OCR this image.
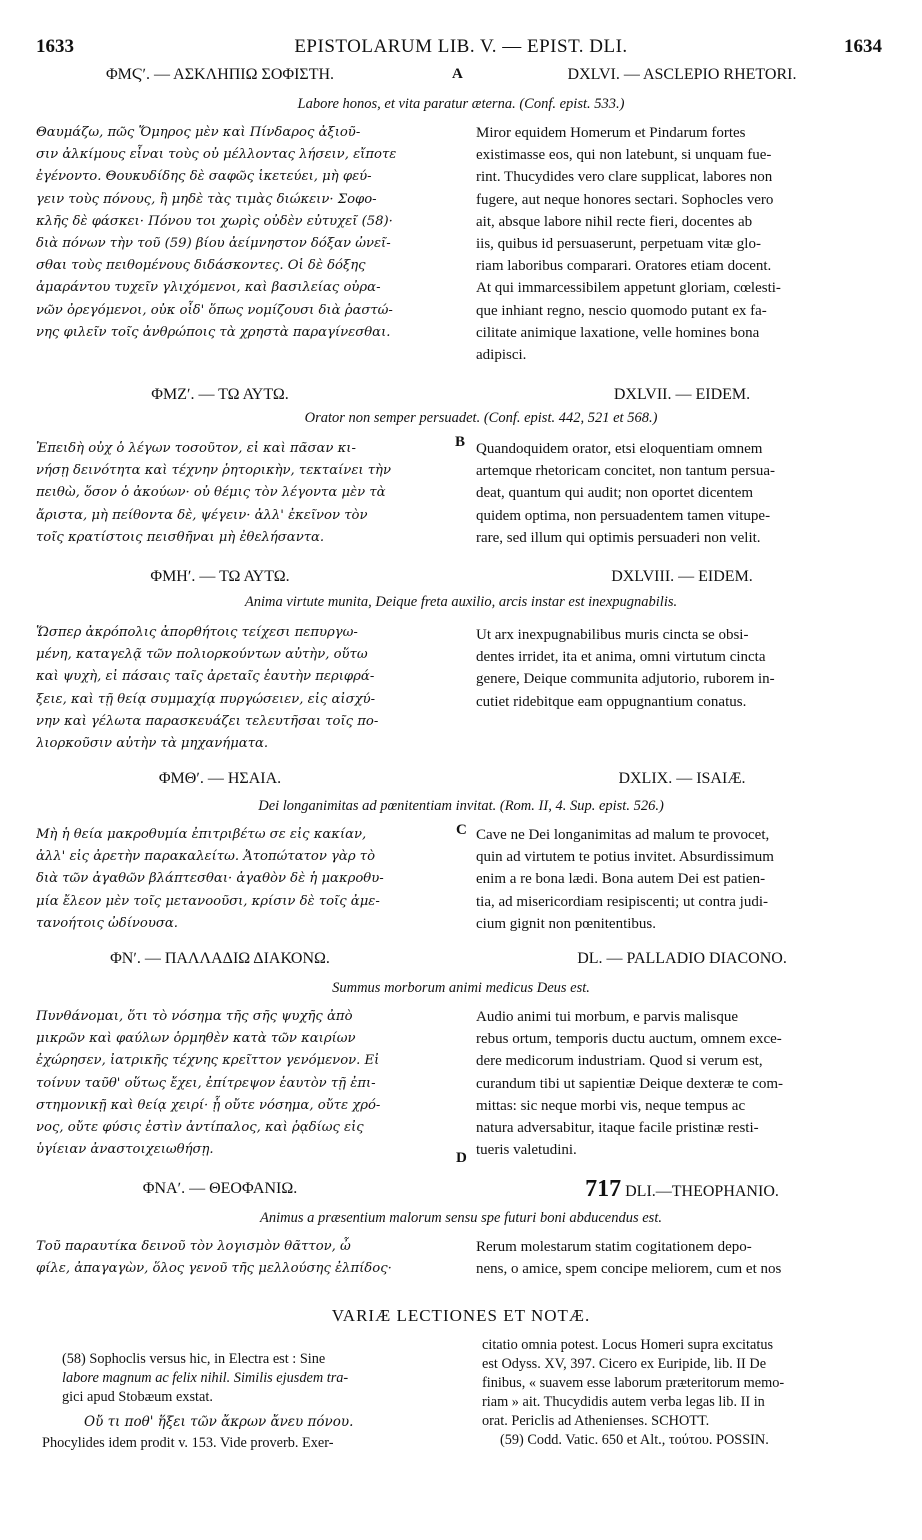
1633	EPISTOLARUM LIB. V. — EPIST. DLI.	1634
ΦΜϚʹ. — ΑΣΚΛΗΠΙΩ ΣΟΦΙΣΤΗ.	A	DXLVI. — ASCLEPIO RHETORI.
Labore honos, et vita paratur æterna. (Conf. epist. 533.)
Θαυμάζω, πῶς Ὅμηρος μὲν καὶ Πίνδαρος ἀξιοῦ-
σιν ἀλκίμους εἶναι τοὺς οὐ μέλλοντας λήσειν, εἴποτε
ἐγένοντο. Θουκυδίδης δὲ σαφῶς ἱκετεύει, μὴ φεύ-
γειν τοὺς πόνους, ἢ μηδὲ τὰς τιμὰς διώκειν· Σοφο-
κλῆς δὲ φάσκει· Πόνου τοι χωρὶς οὐδὲν εὐτυχεῖ (58)·
διὰ πόνων τὴν τοῦ (59) βίου ἀείμνηστον δόξαν ὠνεῖ-
σθαι τοὺς πειθομένους διδάσκοντες. Οἱ δὲ δόξης
ἀμαράντου τυχεῖν γλιχόμενοι, καὶ βασιλείας οὐρα-
νῶν ὀρεγόμενοι, οὐκ οἶδ' ὅπως νομίζουσι διὰ ῥαστώ-
νης φιλεῖν τοῖς ἀνθρώποις τὰ χρηστὰ παραγίνεσθαι.
Miror equidem Homerum et Pindarum fortes
existimasse eos, qui non latebunt, si unquam fue-
rint. Thucydides vero clare supplicat, labores non
fugere, aut neque honores sectari. Sophocles vero
ait, absque labore nihil recte fieri, docentes ab
iis, quibus id persuaserunt, perpetuam vitæ glo-
riam laboribus comparari. Oratores etiam docent.
At qui immarcessibilem appetunt gloriam, cœlesti-
que inhiant regno, nescio quomodo putant ex fa-
cilitate animique laxatione, velle homines bona
adipisci.
ΦΜΖʹ. — ΤΩ ΑΥΤΩ.	DXLVII. — EIDEM.
Orator non semper persuadet. (Conf. epist. 442, 521 et 568.)
B
Ἐπειδὴ οὐχ ὁ λέγων τοσοῦτον, εἰ καὶ πᾶσαν κι-
νήσῃ δεινότητα καὶ τέχνην ῥητορικὴν, τεκταίνει τὴν
πειθὼ, ὅσον ὁ ἀκούων· οὐ θέμις τὸν λέγοντα μὲν τὰ
ἄριστα, μὴ πείθοντα δὲ, ψέγειν· ἀλλ' ἐκεῖνον τὸν
τοῖς κρατίστοις πεισθῆναι μὴ ἐθελήσαντα.
Quandoquidem orator, etsi eloquentiam omnem
artemque rhetoricam concitet, non tantum persua-
deat, quantum qui audit; non oportet dicentem
quidem optima, non persuadentem tamen vitupe-
rare, sed illum qui optimis persuaderi non velit.
ΦΜΗʹ. — ΤΩ ΑΥΤΩ.	DXLVIII. — EIDEM.
Anima virtute munita, Deique freta auxilio, arcis instar est inexpugnabilis.
Ὥσπερ ἀκρόπολις ἀπορθήτοις τείχεσι πεπυργω-
μένη, καταγελᾷ τῶν πολιορκούντων αὐτὴν, οὕτω
καὶ ψυχὴ, εἰ πάσαις ταῖς ἀρεταῖς ἑαυτὴν περιφρά-
ξειε, καὶ τῇ θείᾳ συμμαχίᾳ πυργώσειεν, εἰς αἰσχύ-
νην καὶ γέλωτα παρασκευάζει τελευτῆσαι τοῖς πο-
λιορκοῦσιν αὐτὴν τὰ μηχανήματα.
Ut arx inexpugnabilibus muris cincta se obsi-
dentes irridet, ita et anima, omni virtutum cincta
genere, Deique communita adjutorio, ruborem in-
cutiet ridebitque eam oppugnantium conatus.
ΦΜΘʹ. — ΗΣΑΙΑ.	DXLIX. — ISAIÆ.
Dei longanimitas ad pœnitentiam invitat. (Rom. II, 4. Sup. epist. 526.)
C
Μὴ ἡ θεία μακροθυμία ἐπιτριβέτω σε εἰς κακίαν,
ἀλλ' εἰς ἀρετὴν παρακαλείτω. Ἀτοπώτατον γὰρ τὸ
διὰ τῶν ἀγαθῶν βλάπτεσθαι· ἀγαθὸν δὲ ἡ μακροθυ-
μία ἔλεον μὲν τοῖς μετανοοῦσι, κρίσιν δὲ τοῖς ἀμε-
τανοήτοις ὠδίνουσα.
Cave ne Dei longanimitas ad malum te provocet,
quin ad virtutem te potius invitet. Absurdissimum
enim a re bona lædi. Bona autem Dei est patien-
tia, ad misericordiam resipiscenti; ut contra judi-
cium gignit non pœnitentibus.
ΦΝʹ. — ΠΑΛΛΑΔΙΩ ΔΙΑΚΟΝΩ.	DL. — PALLADIO DIACONO.
Summus morborum animi medicus Deus est.
Πυνθάνομαι, ὅτι τὸ νόσημα τῆς σῆς ψυχῆς ἀπὸ
μικρῶν καὶ φαύλων ὁρμηθὲν κατὰ τῶν καιρίων
ἐχώρησεν, ἰατρικῆς τέχνης κρεῖττον γενόμενον. Εἰ
τοίνυν ταῦθ' οὕτως ἔχει, ἐπίτρεψον ἑαυτὸν τῇ ἐπι-
στημονικῇ καὶ θείᾳ χειρί· ᾗ οὔτε νόσημα, οὔτε χρό-
νος, οὔτε φύσις ἐστὶν ἀντίπαλος, καὶ ῥᾳδίως εἰς
ὑγίειαν ἀναστοιχειωθήσῃ.
Audio animi tui morbum, e parvis malisque
rebus ortum, temporis ductu auctum, omnem exce-
dere medicorum industriam. Quod si verum est,
curandum tibi ut sapientiæ Deique dexteræ te com-
mittas: sic neque morbi vis, neque tempus ac
natura adversabitur, itaque facile pristinæ resti-
tueris valetudini.
D
ΦΝΑʹ. — ΘΕΟΦΑΝΙΩ.	717 DLI.—THEOPHANIO.
Animus a præsentium malorum sensu spe futuri boni abducendus est.
Τοῦ παραυτίκα δεινοῦ τὸν λογισμὸν θᾶττον, ὦ
φίλε, ἀπαγαγὼν, ὅλος γενοῦ τῆς μελλούσης ἐλπίδος·
Rerum molestarum statim cogitationem depo-
nens, o amice, spem concipe meliorem, cum et nos
VARIÆ LECTIONES ET NOTÆ.
(58) Sophoclis versus hic, in Electra est : Sine
labore magnum ac felix nihil. Similis ejusdem tra-
gici apud Stobæum exstat.
Οὔ τι ποθ' ἥξει τῶν ἄκρων ἄνευ πόνου.
Phocylides idem prodit v. 153. Vide proverb. Exer-
citatio omnia potest. Locus Homeri supra excitatus
est Odyss. XV, 397. Cicero ex Euripide, lib. II De
finibus, « suavem esse laborum præteritorum memo-
riam » ait. Thucydidis autem verba legas lib. II in
orat. Periclis ad Athenienses. SCHOTT.
(59) Codd. Vatic. 650 et Alt., τούτου. POSSIN.
